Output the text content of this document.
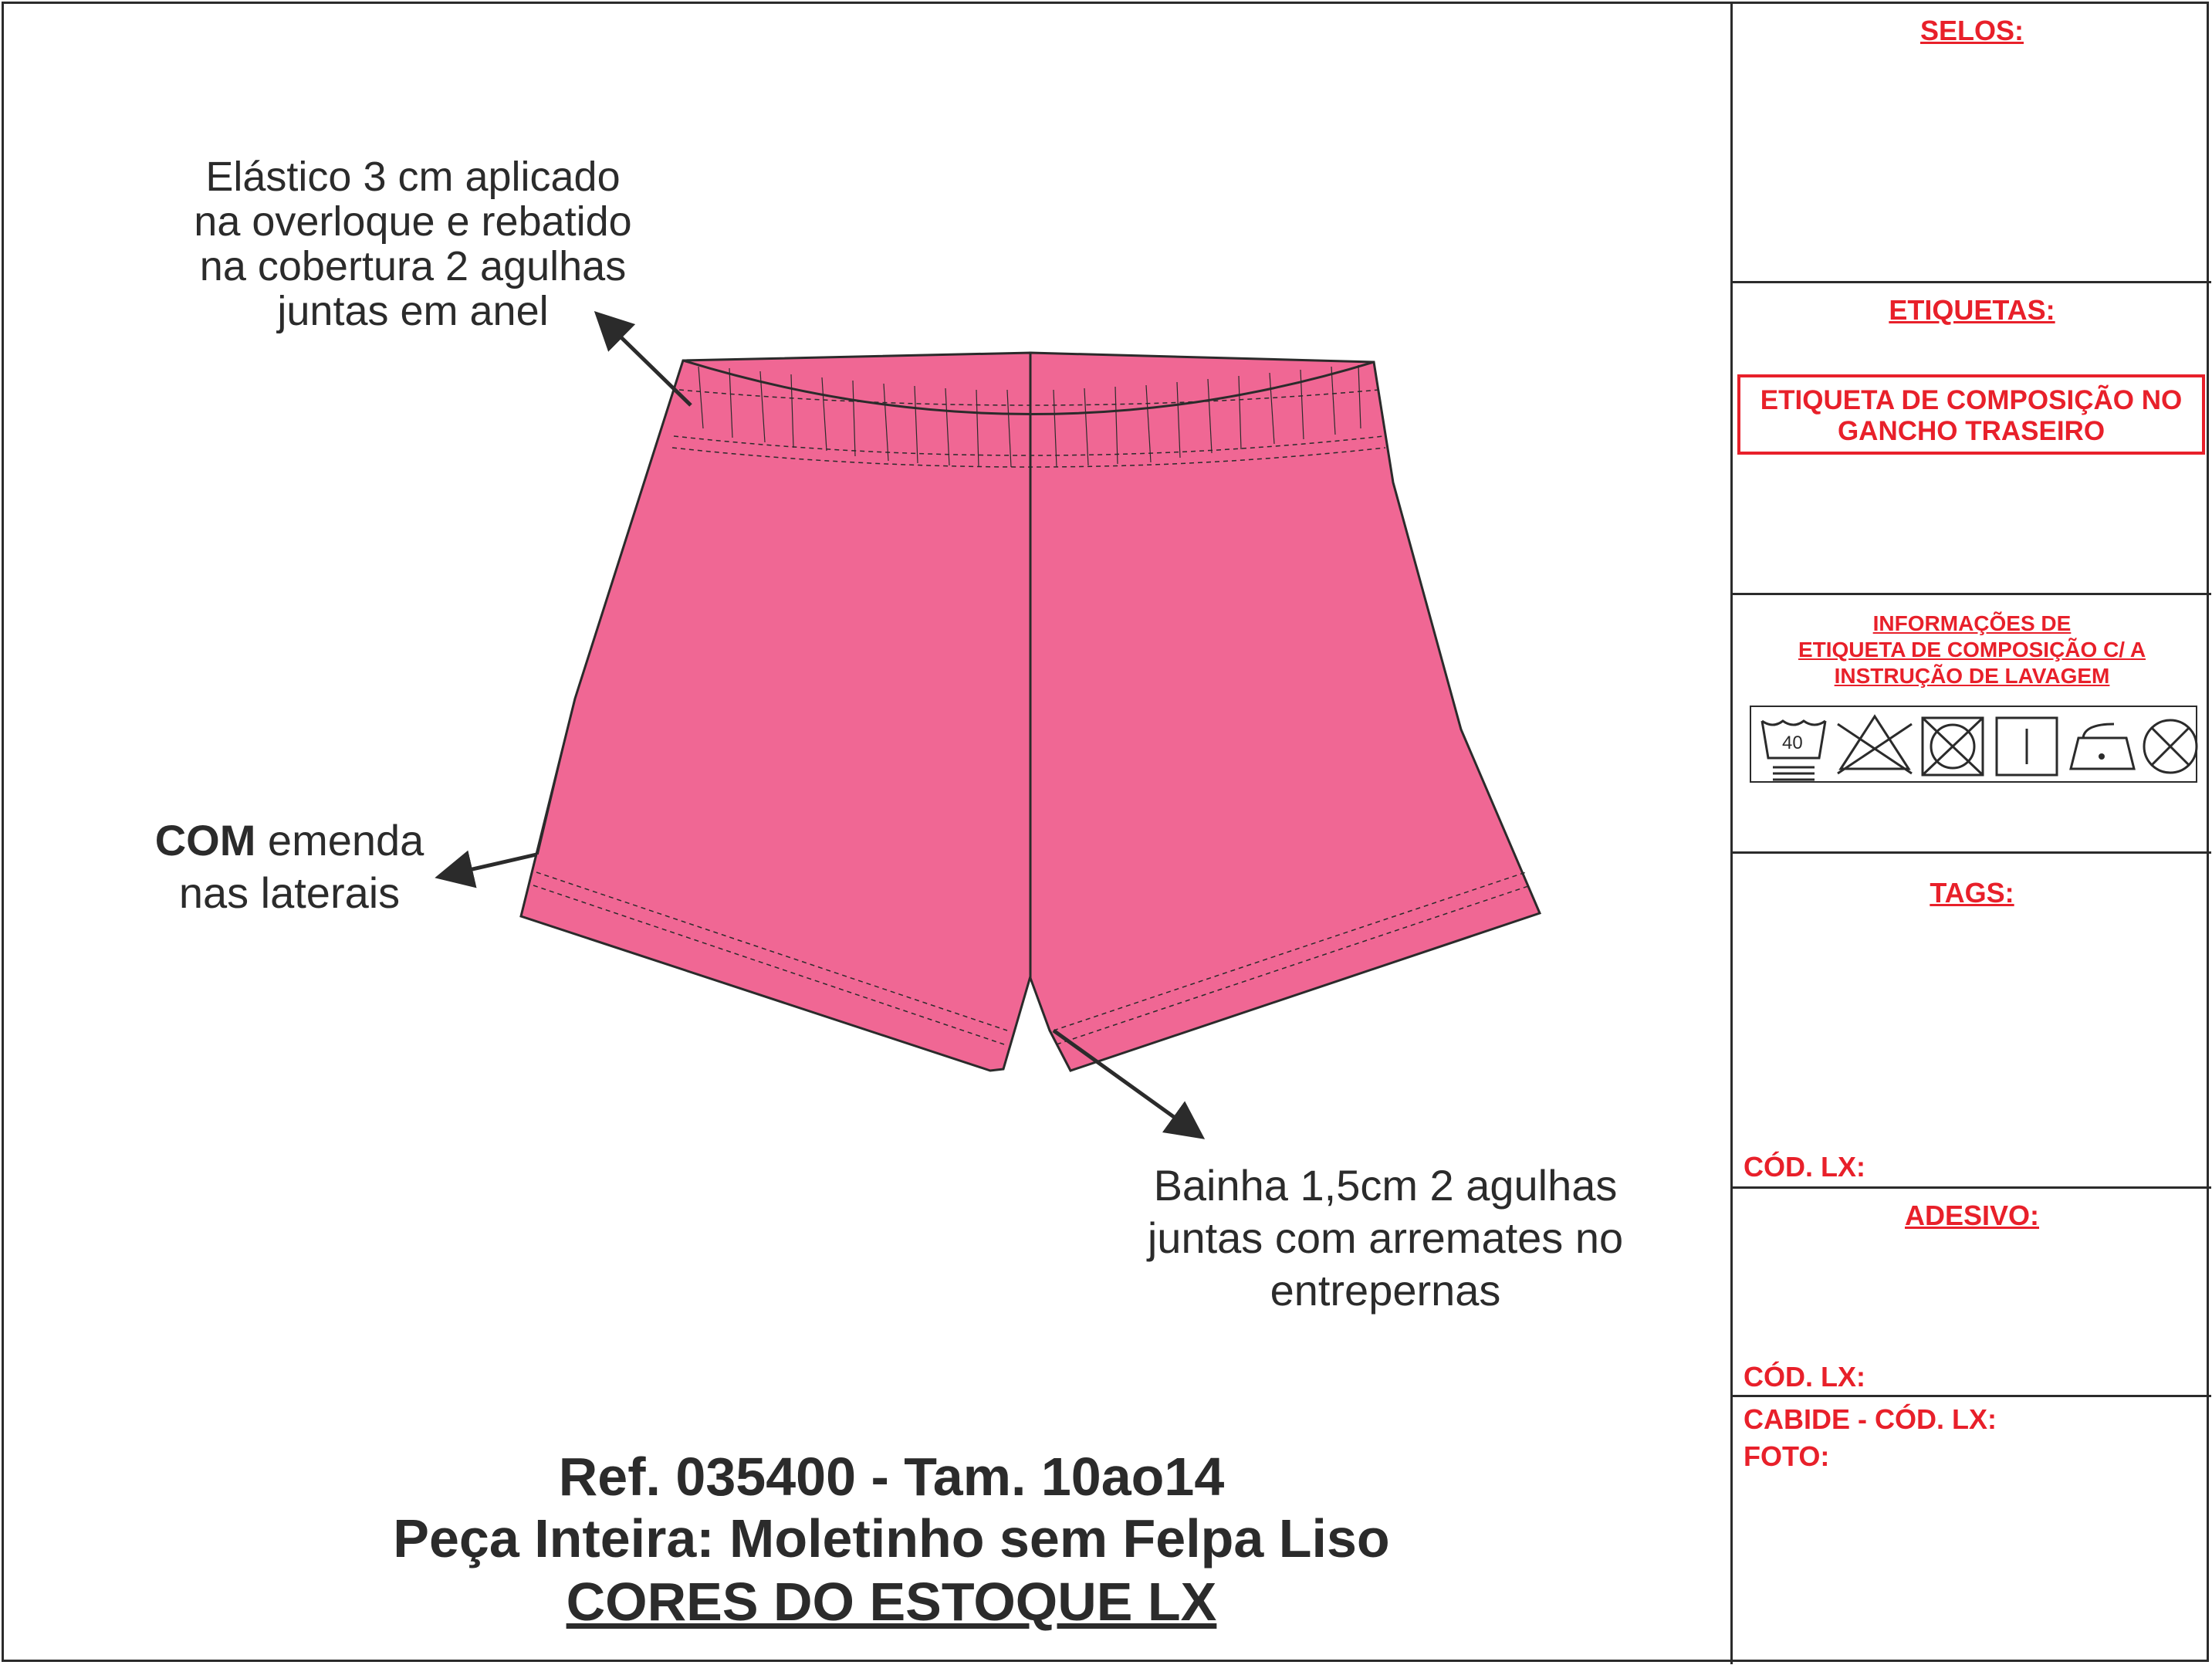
Elástico 3 cm aplicado
na overloque e rebatido
na cobertura 2 agulhas
juntas em anel
COM emenda
nas laterais
Bainha 1,5cm 2 agulhas
juntas com arremates no
entrepernas
Ref. 035400 - Tam. 10ao14
Peça Inteira: Moletinho sem Felpa Liso
CORES DO ESTOQUE LX
SELOS:
ETIQUETAS:
ETIQUETA DE COMPOSIÇÃO NO
GANCHO TRASEIRO
INFORMAÇÕES DE
ETIQUETA DE COMPOSIÇÃO C/ A
INSTRUÇÃO DE LAVAGEM
40
TAGS:
CÓD. LX:
ADESIVO:
CÓD. LX:
CABIDE - CÓD. LX:
FOTO:
